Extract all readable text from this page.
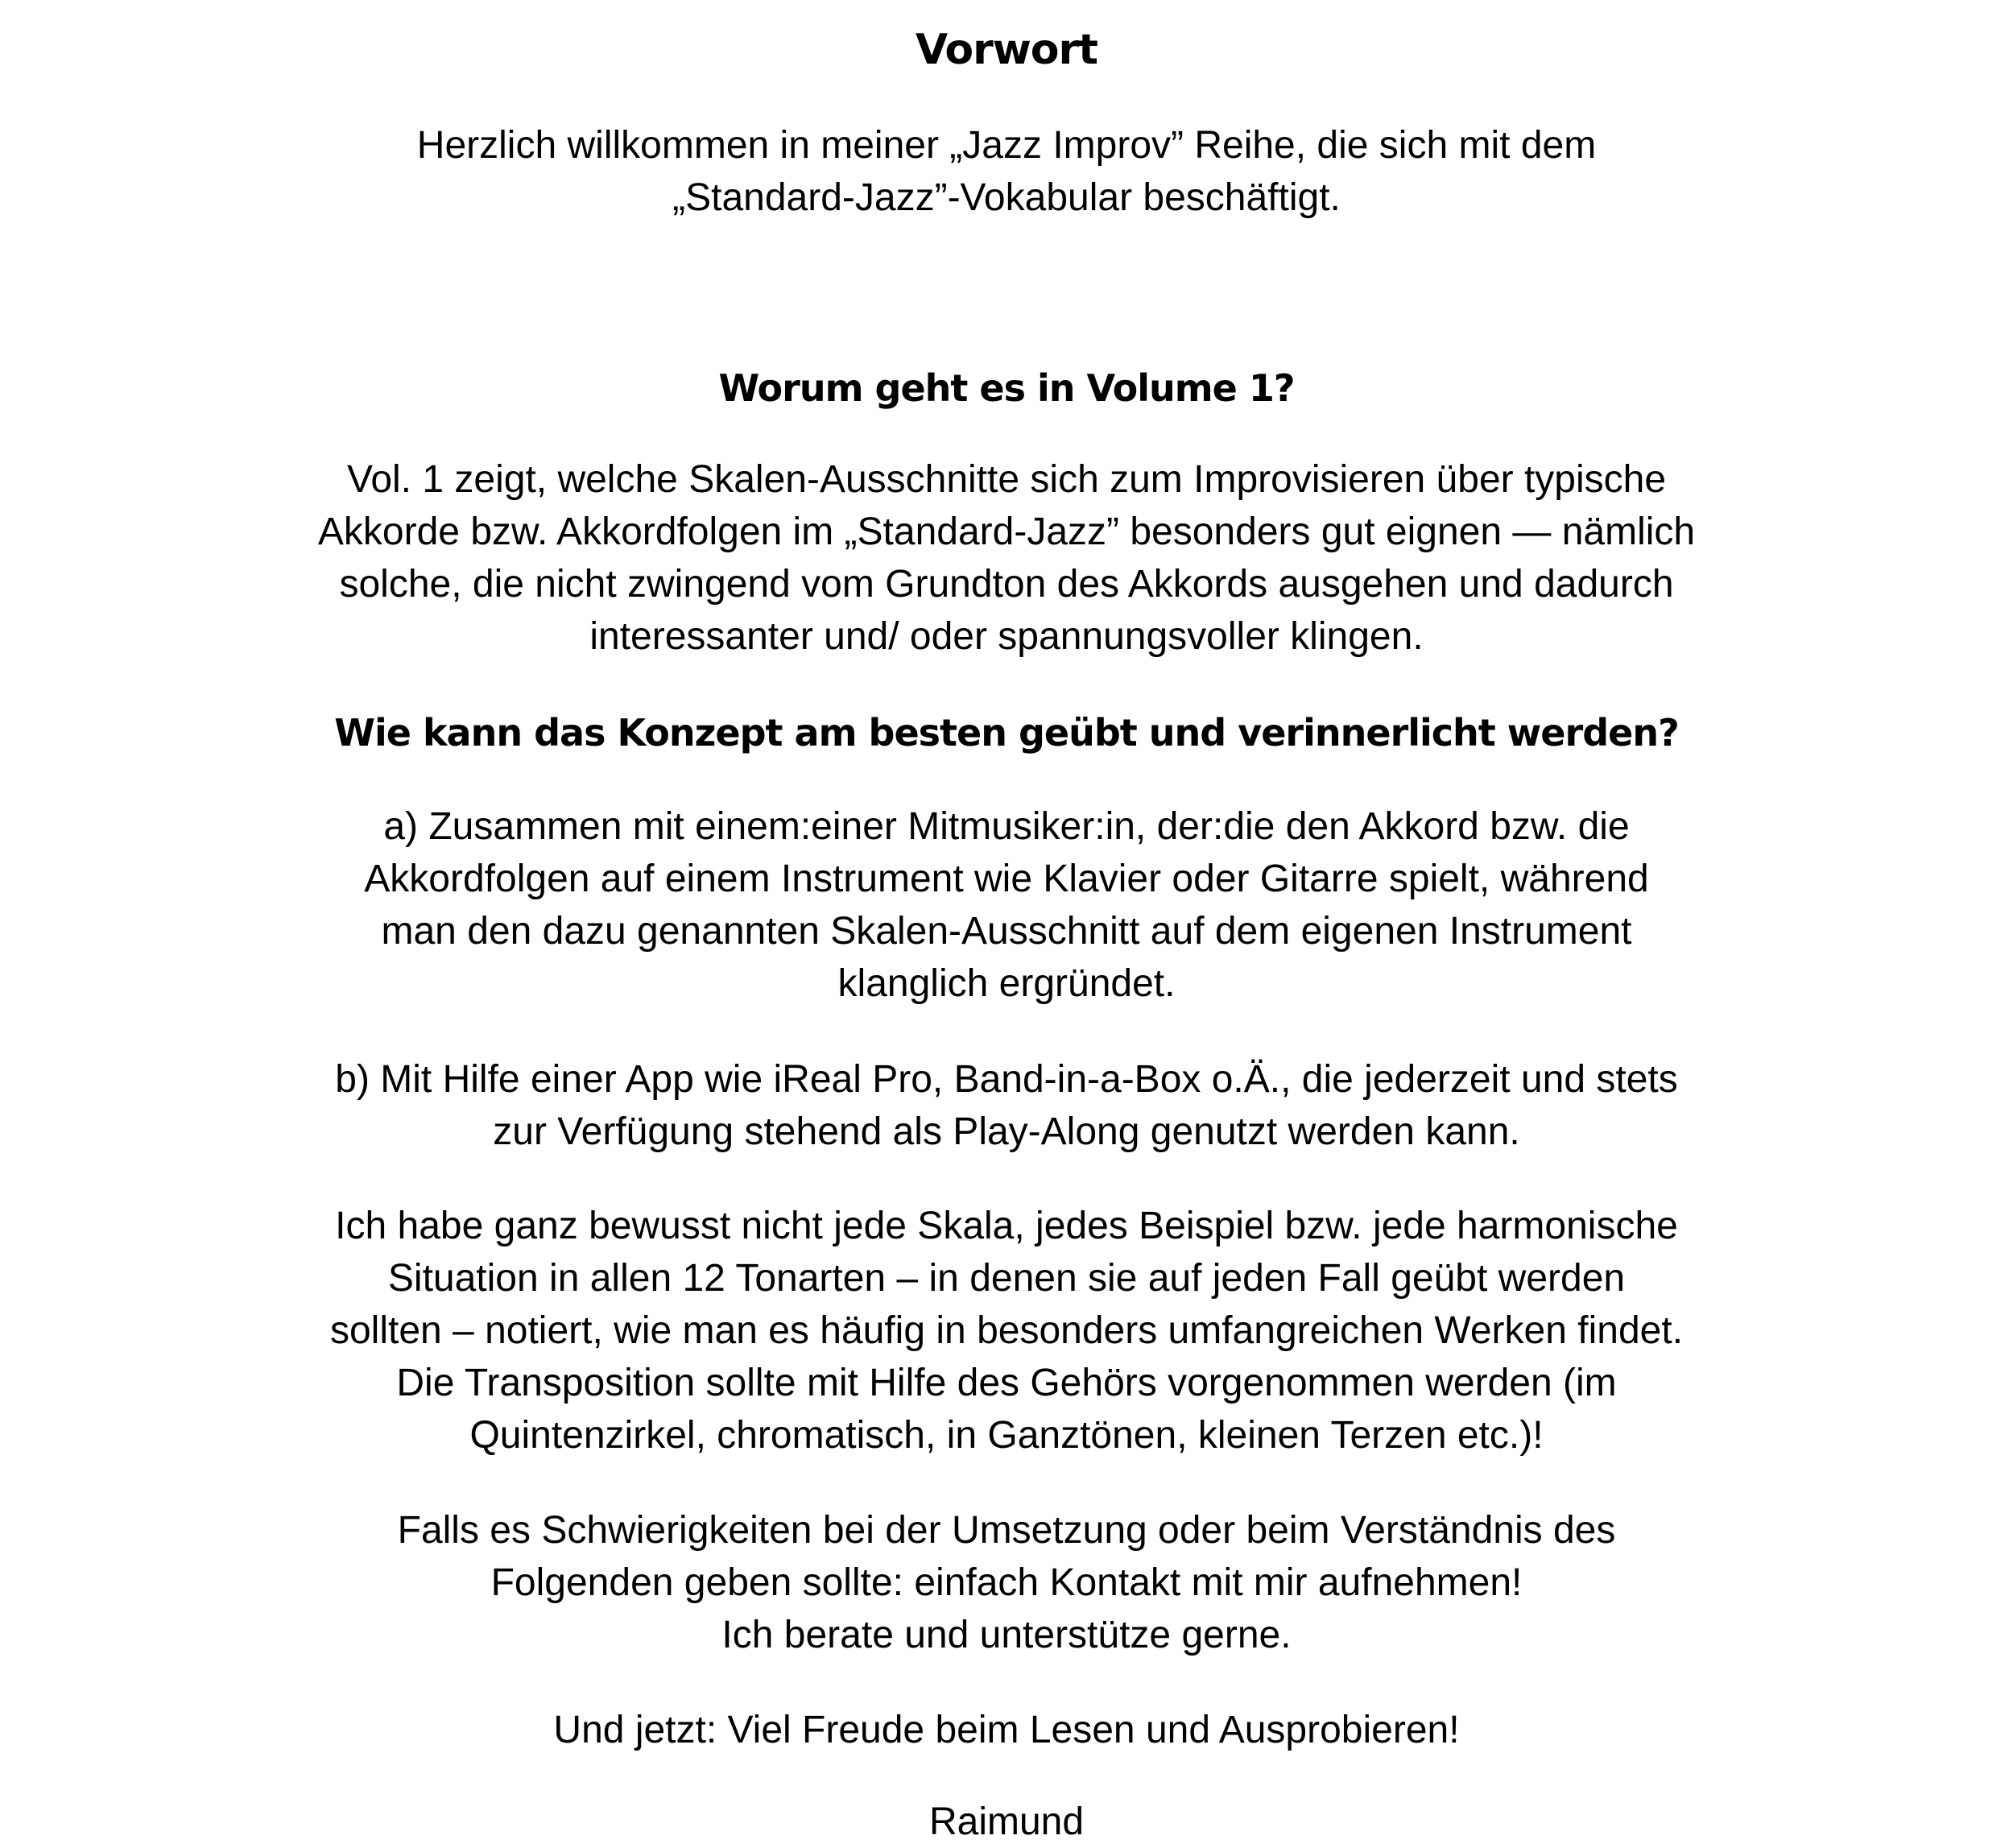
Vorwort

Herzlich willkommen in meiner „Jazz Improv” Reihe, die sich mit dem
„Standard-Jazz”-Vokabular beschäftigt.

Worum geht es in Volume 1?

Vol. 1 zeigt, welche Skalen-Ausschnitte sich zum Improvisieren über typische
Akkorde bzw. Akkordfolgen im „Standard-Jazz” besonders gut eignen — nämlich
solche, die nicht zwingend vom Grundton des Akkords ausgehen und dadurch
interessanter und/ oder spannungsvoller klingen.

Wie kann das Konzept am besten geübt und verinnerlicht werden?

a) Zusammen mit einem:einer Mitmusiker:in, der:die den Akkord bzw. die
Akkordfolgen auf einem Instrument wie Klavier oder Gitarre spielt, während
man den dazu genannten Skalen-Ausschnitt auf dem eigenen Instrument
klanglich ergründet.

b) Mit Hilfe einer App wie iReal Pro, Band-in-a-Box o.Ä., die jederzeit und stets
zur Verfügung stehend als Play-Along genutzt werden kann.

Ich habe ganz bewusst nicht jede Skala, jedes Beispiel bzw. jede harmonische
Situation in allen 12 Tonarten – in denen sie auf jeden Fall geübt werden
sollten – notiert, wie man es häufig in besonders umfangreichen Werken findet.
Die Transposition sollte mit Hilfe des Gehörs vorgenommen werden (im
Quintenzirkel, chromatisch, in Ganztönen, kleinen Terzen etc.)!

Falls es Schwierigkeiten bei der Umsetzung oder beim Verständnis des
Folgenden geben sollte: einfach Kontakt mit mir aufnehmen!
Ich berate und unterstütze gerne.

Und jetzt: Viel Freude beim Lesen und Ausprobieren!

Raimund
